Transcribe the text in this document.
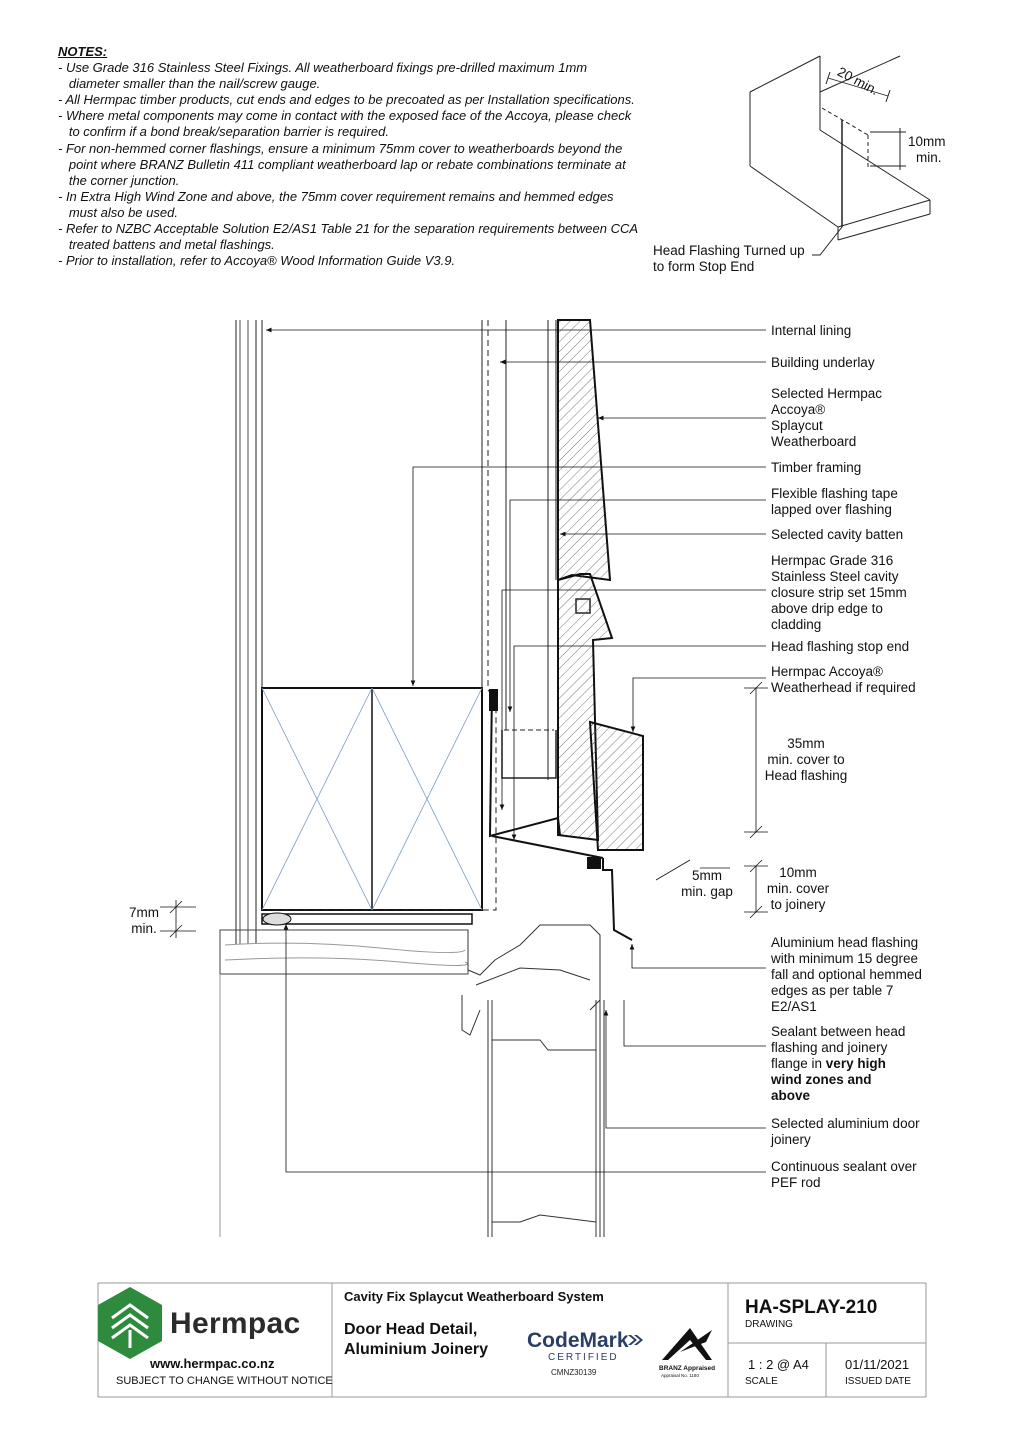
NOTES:
- Use Grade 316 Stainless Steel Fixings. All weatherboard fixings pre-drilled maximum 1mm
diameter smaller than the nail/screw gauge.
- All Hermpac timber products, cut ends and edges to be precoated as per Installation specifications.
- Where metal components may come in contact with the exposed face of the Accoya, please check
to confirm if a bond break/separation barrier is required.
- For non-hemmed corner flashings, ensure a minimum 75mm cover to weatherboards beyond the
point where BRANZ Bulletin 411 compliant weatherboard lap or rebate combinations terminate at
the corner junction.
- In Extra High Wind Zone and above, the 75mm cover requirement remains and hemmed edges
must also be used.
- Refer to NZBC Acceptable Solution E2/AS1 Table 21 for the separation requirements between CCA
treated battens and metal flashings.
- Prior to installation, refer to Accoya® Wood Information Guide V3.9.
20 min.
10mm
min.
Head Flashing Turned up
to form Stop End
Internal lining
Building underlay
Selected Hermpac
Accoya®
Splaycut
Weatherboard
Timber framing
Flexible flashing tape
lapped over flashing
Selected cavity batten
Hermpac Grade 316
Stainless Steel cavity
closure strip set 15mm
above drip edge to
cladding
Head flashing stop end
Hermpac Accoya®
Weatherhead if required
Aluminium head flashing
with minimum 15 degree
fall and optional hemmed
edges as per table 7
E2/AS1
Sealant between head
flashing and joinery
flange in very high
wind zones and
above
Selected aluminium door
joinery
Continuous sealant over
PEF rod
35mm
min. cover to
Head flashing
5mm
min. gap
10mm
min. cover
to joinery
7mm
min.
Hermpac
www.hermpac.co.nz
SUBJECT TO CHANGE WITHOUT NOTICE
Cavity Fix Splaycut Weatherboard System
Door Head Detail,
Aluminium Joinery	CodeMark
CERTIFIED
CMNZ30139	BRANZ Appraised
Appraisal No. 1180
HA-SPLAY-210
DRAWING
1 : 2 @ A4
SCALE
01/11/2021
ISSUED DATE
